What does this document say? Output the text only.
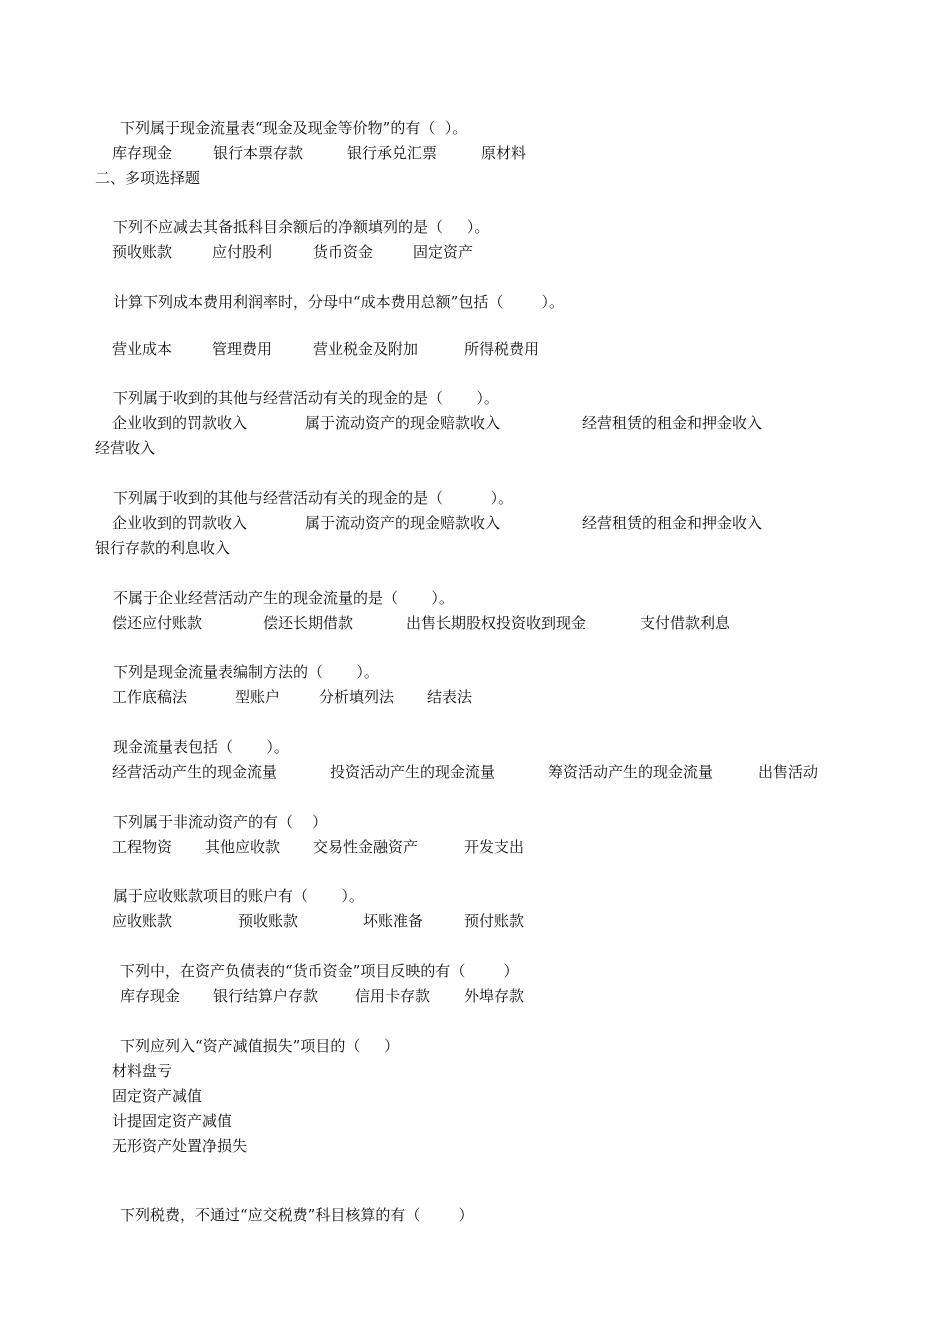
下列属于现金流量表“现金及现金等价物”的有（  ）。
库存现金	银行本票存款	银行承兑汇票	原材料
二、多项选择题
下列不应减去其备抵科目余额后的净额填列的是（     ）。
预收账款	应付股利	货币资金	固定资产
计算下列成本费用利润率时，分母中“成本费用总额”包括（        ）。
营业成本	管理费用	营业税金及附加	所得税费用
下列属于收到的其他与经营活动有关的现金的是（       ）。
企业收到的罚款收入	属于流动资产的现金赔款收入	经营租赁的租金和押金收入
经营收入
下列属于收到的其他与经营活动有关的现金的是（          ）。
企业收到的罚款收入	属于流动资产的现金赔款收入	经营租赁的租金和押金收入
银行存款的利息收入
不属于企业经营活动产生的现金流量的是（       ）。
偿还应付账款	偿还长期借款	出售长期股权投资收到现金	支付借款利息
下列是现金流量表编制方法的（       ）。
工作底稿法	型账户	分析填列法 结表法
现金流量表包括（       ）。
经营活动产生的现金流量	投资活动产生的现金流量	筹资活动产生的现金流量	出售活动
下列属于非流动资产的有（    ）
工程物资 其他应收款 交易性金融资产	开发支出
属于应收账款项目的账户有（       ）。
应收账款	预收账款	坏账准备	预付账款
下列中，在资产负债表的“货币资金”项目反映的有（        ）
库存现金 银行结算户存款 信用卡存款 外埠存款
下列应列入“资产减值损失”项目的（     ）
材料盘亏
固定资产减值
计提固定资产减值
无形资产处置净损失
下列税费，不通过“应交税费”科目核算的有（        ）
